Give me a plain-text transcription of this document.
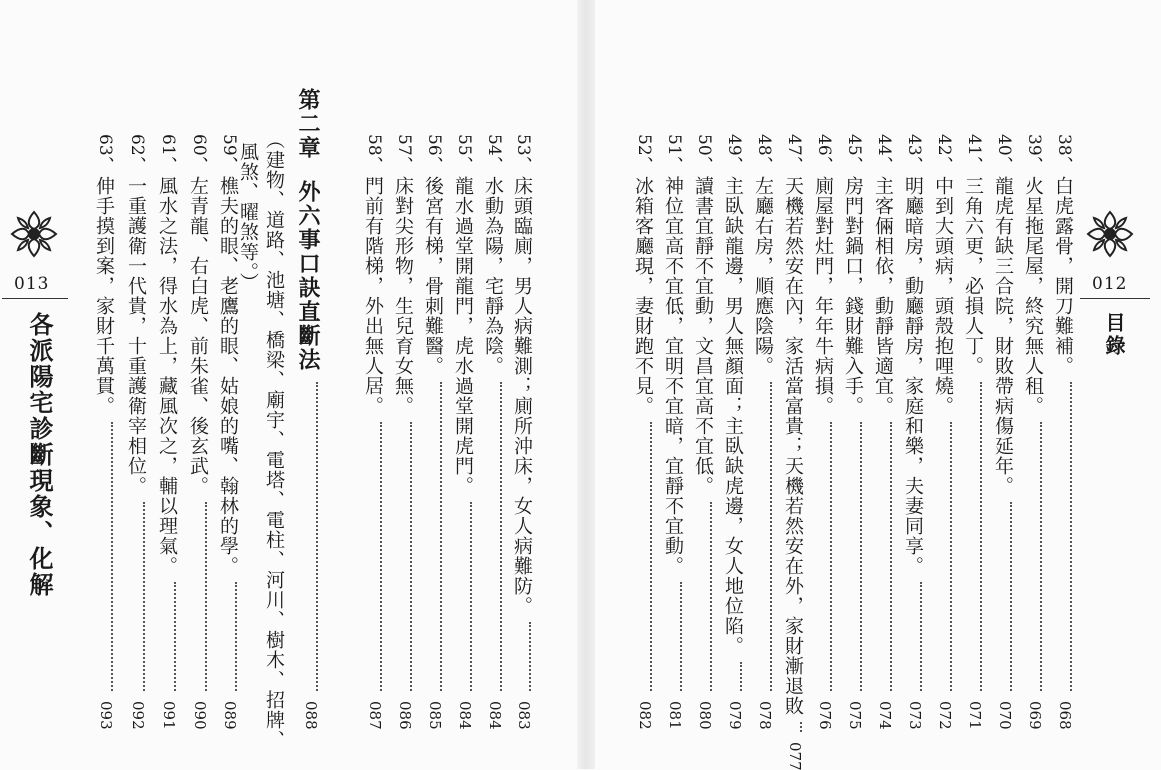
63
、伸手摸到案，家財千萬貫。
093
62
、一重護衛一代貴，十重護衛宰相位。
092
61
、風水之法，得水為上，藏風次之，輔以理氣。
091
60
、左青龍、右白虎、前朱雀、後玄武。
090
59
、樵夫的眼、老鷹的眼、姑娘的嘴、翰林的學。
089
風煞、曜煞等。） （建物、道路、池塘、橋梁、廟宇、電塔、電柱、河川、樹木、招牌、
第二章
外六事口訣直斷法
088
58
、門前有階梯，外出無人居。
087
57
、床對尖形物，生兒育女無。
086
56
、後宮有梯，骨刺難醫。
085
55
、龍水過堂開龍門，虎水過堂開虎門。
084
54
、水動為陽，宅靜為陰。
084
53
、床頭臨廁，男人病難測；廁所沖床，女人病難防。
083
013
各派陽宅診斷現象、化解
52
、冰箱客廳現，妻財跑不見。
082
51
、神位宜高不宜低，宜明不宜暗，宜靜不宜動。
081
50
、讀書宜靜不宜動，文昌宜高不宜低。
080
49
、主臥缺龍邊，男人無顏面；主臥缺虎邊，女人地位陷。
079
48
、左廳右房，順應陰陽。
078
47
、天機若然安在內，家活當富貴；天機若然安在外，家財漸退敗
077
46
、廁屋對灶門，年年牛病損。
076
45
、房門對鍋口，錢財難入手。
075
44
、主客倆相依，動靜皆適宜。
074
43
、明廳暗房，動廳靜房，家庭和樂，夫妻同享。
073
42
、中到大頭病，頭殼抱哩燒。
072
41
、三角六更，必損人丁。
071
40
、龍虎有缺三合院，財敗帶病傷延年。
070
39
、火星拖尾屋，終究無人租。
069
38
、白虎露骨，開刀難補。
068
012
目錄
